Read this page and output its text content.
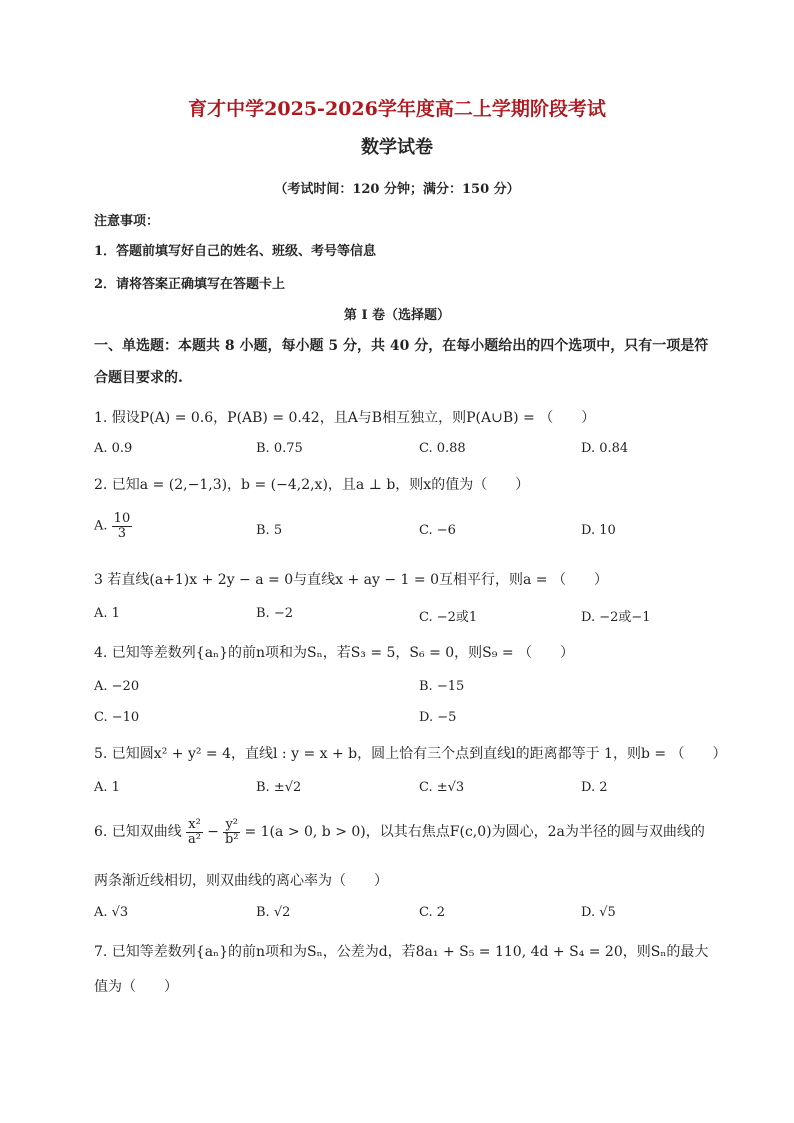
育才中学2025-2026学年度高二上学期阶段考试
数学试卷
（考试时间：120 分钟；满分：150 分）
注意事项：
1．答题前填写好自己的姓名、班级、考号等信息
2．请将答案正确填写在答题卡上
第 I 卷（选择题）
一、单选题：本题共 8 小题，每小题 5 分，共 40 分，在每小题给出的四个选项中，只有一项是符
合题目要求的.
1. 假设P(A) = 0.6，P(AB) = 0.42，且A与B相互独立，则P(A∪B) = （　　）
A. 0.9	B. 0.75	C. 0.88	D. 0.84
2. 已知a = (2,−1,3)，b = (−4,2,x)，且a ⊥ b，则x的值为（　　）
A. $\frac{10}{3}$	B. 5	C. −6	D. 10
3 若直线(a+1)x + 2y − a = 0与直线x + ay − 1 = 0互相平行，则a = （　　）
A. 1	B. −2	C. −2或1	D. −2或−1
4. 已知等差数列{aₙ}的前n项和为Sₙ，若S₃ = 5，S₆ = 0，则S₉ = （　　）
A. −20	B. −15
C. −10	D. −5
5. 已知圆x² + y² = 4，直线l : y = x + b，圆上恰有三个点到直线l的距离都等于 1，则b = （　　）
A. 1	B. ±√2	C. ±√3	D. 2
6. 已知双曲线 $\frac{\text{x²}}{\text{a²}} - \frac{\text{y²}}{\text{b²}} = 1(a > 0$, b > 0)，以其右焦点F(c,0)为圆心，2a为半径的圆与双曲线的
两条渐近线相切，则双曲线的离心率为（　　）
A. √3	B. √2	C. 2	D. √5
7. 已知等差数列{aₙ}的前n项和为Sₙ，公差为d，若8a₁ + S₅ = 110, 4d + S₄ = 20，则Sₙ的最大
值为（　　）
